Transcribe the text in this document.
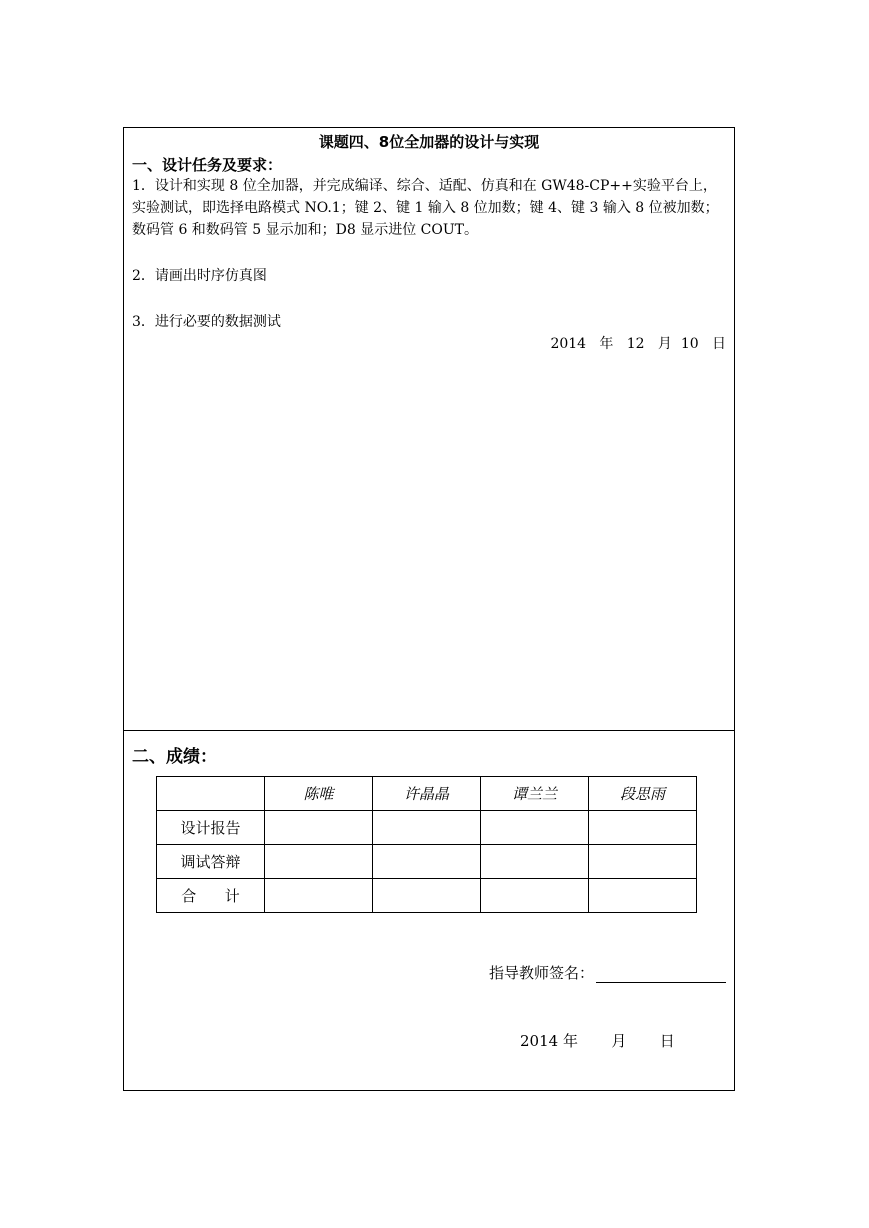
课题四、8位全加器的设计与实现
一、设计任务及要求：
1．设计和实现 8 位全加器，并完成编译、综合、适配、仿真和在 GW48-CP++实验平台上，实验测试，即选择电路模式 NO.1；键 2、键 1 输入 8 位加数；键 4、键 3 输入 8 位被加数；数码管 6 和数码管 5 显示加和；D8 显示进位 COUT。
2．请画出时序仿真图
3．进行必要的数据测试
2014   年   12   月  10   日
二、成绩：
	陈唯	许晶晶	谭兰兰	段思雨
设计报告				
调试答辩				
合      计				
指导教师签名：
2014 年       月       日
